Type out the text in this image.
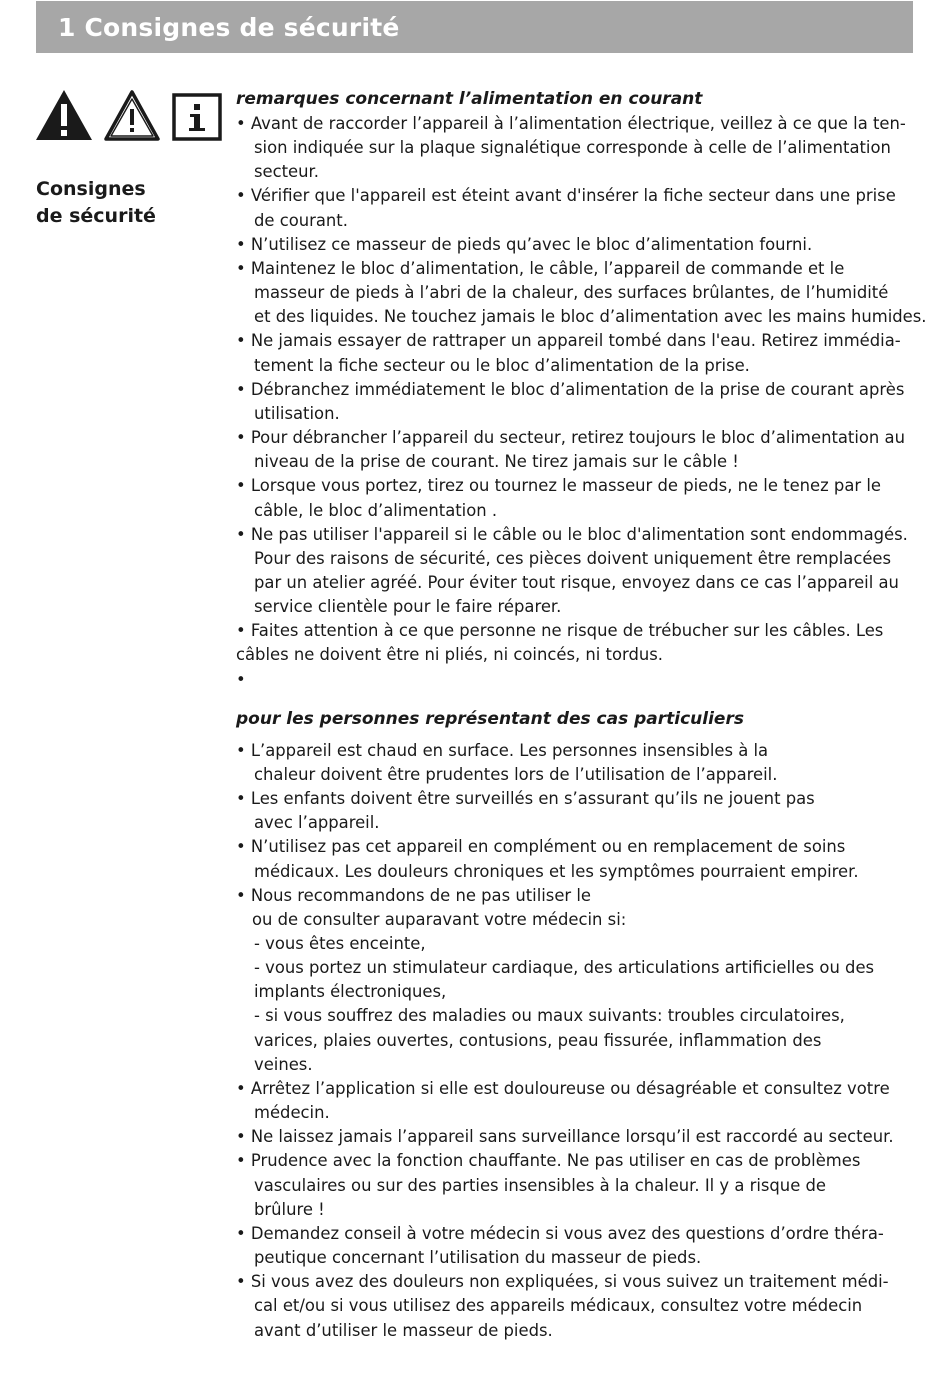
1 Consignes de sécurité
Consignes
de sécurité
remarques concernant l’alimentation en courant
• Avant de raccorder l’appareil à l’alimentation électrique, veillez à ce que la ten-
sion indiquée sur la plaque signalétique corresponde à celle de l’alimentation
secteur.
• Vérifier que l'appareil est éteint avant d'insérer la fiche secteur dans une prise
de courant.
• N’utilisez ce masseur de pieds qu’avec le bloc d’alimentation fourni.
• Maintenez le bloc d’alimentation, le câble, l’appareil de commande et le
masseur de pieds à l’abri de la chaleur, des surfaces brûlantes, de l’humidité
et des liquides. Ne touchez jamais le bloc d’alimentation avec les mains humides.
• Ne jamais essayer de rattraper un appareil tombé dans l'eau. Retirez immédia-
tement la fiche secteur ou le bloc d’alimentation de la prise.
• Débranchez immédiatement le bloc d’alimentation de la prise de courant après
utilisation.
• Pour débrancher l’appareil du secteur, retirez toujours le bloc d’alimentation au
niveau de la prise de courant. Ne tirez jamais sur le câble !
• Lorsque vous portez, tirez ou tournez le masseur de pieds, ne le tenez par le
câble, le bloc d’alimentation .
• Ne pas utiliser l'appareil si le câble ou le bloc d'alimentation sont endommagés.
Pour des raisons de sécurité, ces pièces doivent uniquement être remplacées
par un atelier agréé. Pour éviter tout risque, envoyez dans ce cas l’appareil au
service clientèle pour le faire réparer.
• Faites attention à ce que personne ne risque de trébucher sur les câbles. Les
câbles ne doivent être ni pliés, ni coincés, ni tordus.
•
pour les personnes représentant des cas particuliers
• L’appareil est chaud en surface. Les personnes insensibles à la
chaleur doivent être prudentes lors de l’utilisation de l’appareil.
• Les enfants doivent être surveillés en s’assurant qu’ils ne jouent pas
avec l’appareil.
• N’utilisez pas cet appareil en complément ou en remplacement de soins
médicaux. Les douleurs chroniques et les symptômes pourraient empirer.
• Nous recommandons de ne pas utiliser le
ou de consulter auparavant votre médecin si:
- vous êtes enceinte,
- vous portez un stimulateur cardiaque, des articulations artificielles ou des
implants électroniques,
- si vous souffrez des maladies ou maux suivants: troubles circulatoires,
varices, plaies ouvertes, contusions, peau fissurée, inflammation des
veines.
• Arrêtez l’application si elle est douloureuse ou désagréable et consultez votre
médecin.
• Ne laissez jamais l’appareil sans surveillance lorsqu’il est raccordé au secteur.
• Prudence avec la fonction chauffante. Ne pas utiliser en cas de problèmes
vasculaires ou sur des parties insensibles à la chaleur. Il y a risque de
brûlure !
• Demandez conseil à votre médecin si vous avez des questions d’ordre théra-
peutique concernant l’utilisation du masseur de pieds.
• Si vous avez des douleurs non expliquées, si vous suivez un traitement médi-
cal et/ou si vous utilisez des appareils médicaux, consultez votre médecin
avant d’utiliser le masseur de pieds.
